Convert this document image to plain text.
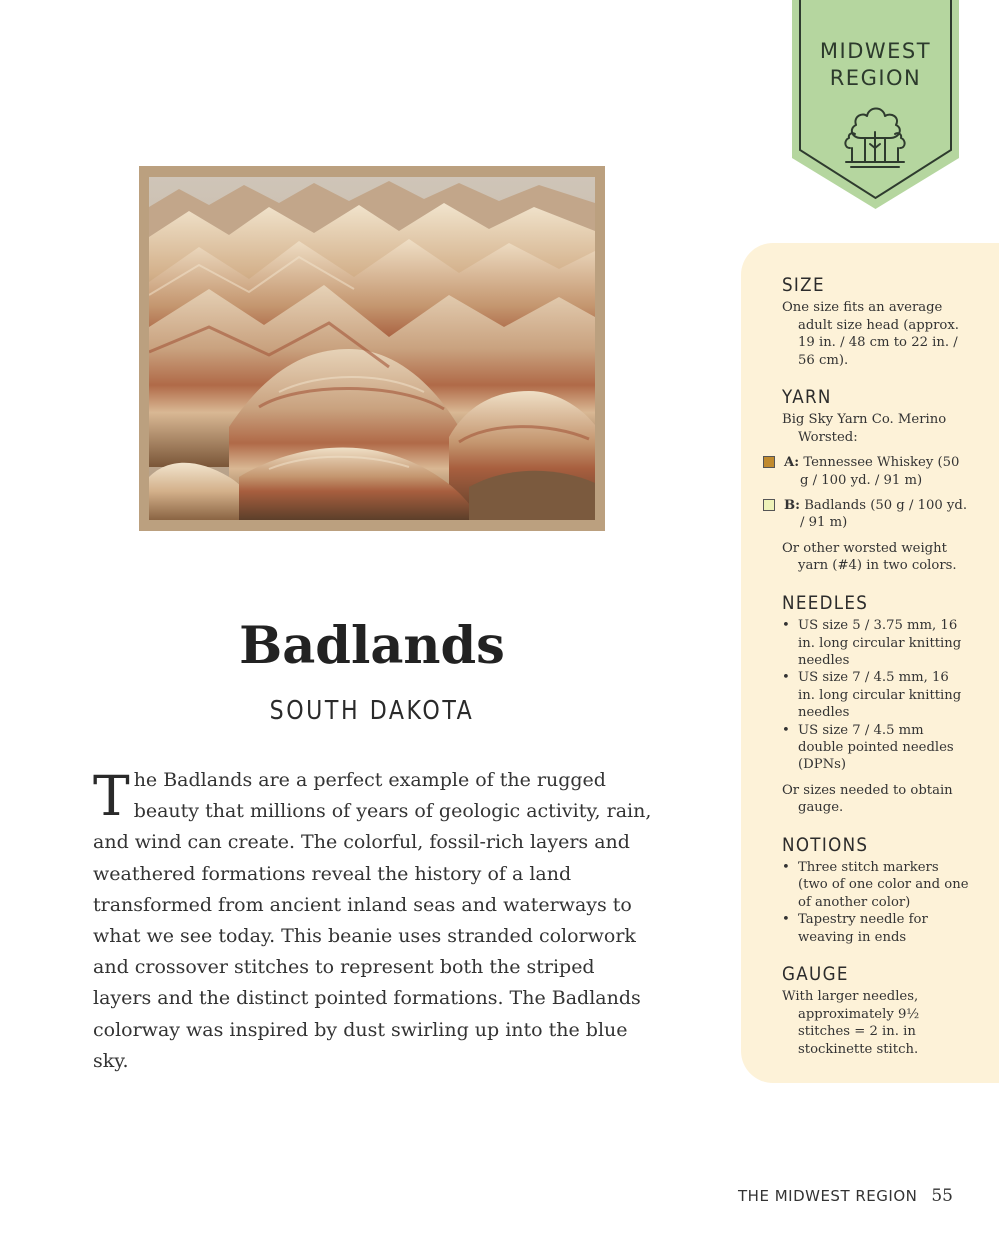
MIDWEST
REGION
Badlands
SOUTH DAKOTA

The Badlands are a perfect example of the rugged beauty that millions of years of geologic activity, rain, and wind can create. The colorful, fossil-rich layers and weathered formations reveal the history of a land transformed from ancient inland seas and waterways to what we see today. This beanie uses stranded colorwork and crossover stitches to represent both the striped layers and the distinct pointed formations. The Badlands colorway was inspired by dust swirling up into the blue sky.

SIZE

One size fits an average adult size head (approx. 19 in. / 48 cm to 22 in. / 56 cm).

YARN

Big Sky Yarn Co. Merino Worsted:

A: Tennessee Whiskey (50 g / 100 yd. / 91 m)

B: Badlands (50 g / 100 yd. / 91 m)

Or other worsted weight yarn (#4) in two colors.

NEEDLES
• US size 5 / 3.75 mm, 16 in. long circular knitting needles
• US size 7 / 4.5 mm, 16 in. long circular knitting needles
• US size 7 / 4.5 mm double pointed needles (DPNs)

Or sizes needed to obtain gauge.

NOTIONS
• Three stitch markers (two of one color and one of another color)
• Tapestry needle for weaving in ends
GAUGE

With larger needles, approximately 9½ stitches = 2 in. in stockinette stitch.

THE MIDWEST REGION 55
